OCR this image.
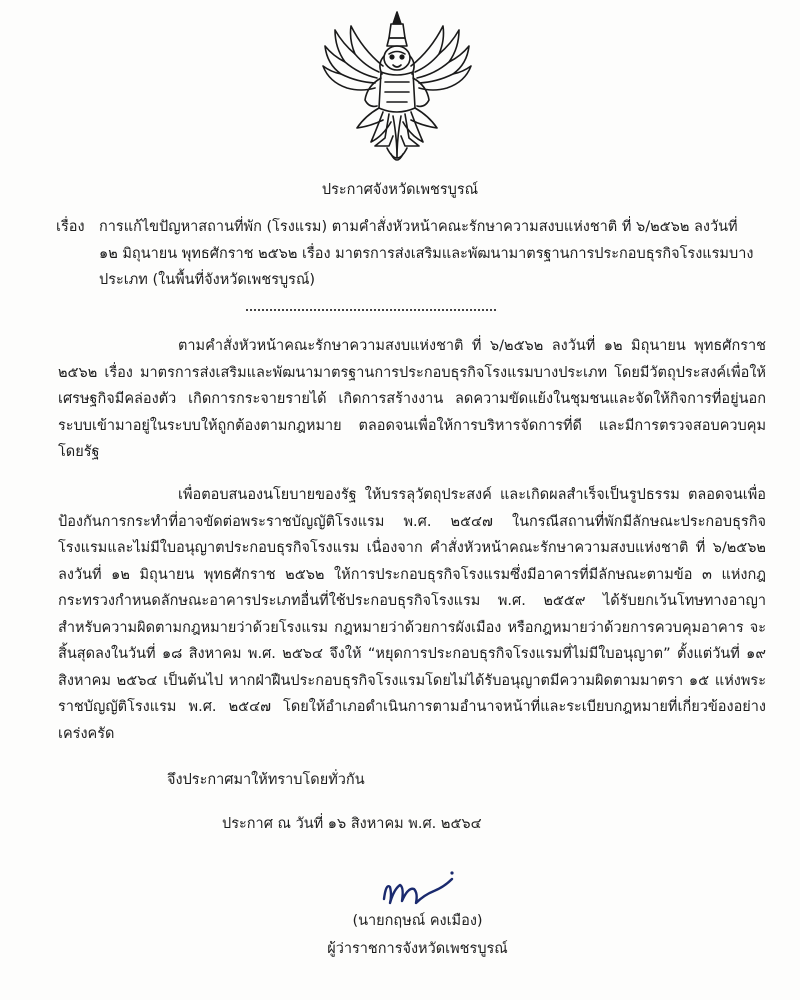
ประกาศจังหวัดเพชรบูรณ์
เรื่อง การแก้ไขปัญหาสถานที่พัก (โรงแรม) ตามคำสั่งหัวหน้าคณะรักษาความสงบแห่งชาติ ที่ ๖/๒๕๖๒ ลงวันที่ ๑๒ มิถุนายน พุทธศักราช ๒๕๖๒ เรื่อง มาตรการส่งเสริมและพัฒนามาตรฐานการประกอบธุรกิจโรงแรมบางประเภท (ในพื้นที่จังหวัดเพชรบูรณ์)
ตามคำสั่งหัวหน้าคณะรักษาความสงบแห่งชาติ ที่ ๖/๒๕๖๒ ลงวันที่ ๑๒ มิถุนายน พุทธศักราช ๒๕๖๒ เรื่อง มาตรการส่งเสริมและพัฒนามาตรฐานการประกอบธุรกิจโรงแรมบางประเภท โดยมีวัตถุประสงค์เพื่อให้เศรษฐกิจมีคล่องตัว เกิดการกระจายรายได้ เกิดการสร้างงาน ลดความขัดแย้งในชุมชนและจัดให้กิจการที่อยู่นอกระบบเข้ามาอยู่ในระบบให้ถูกต้องตามกฎหมาย ตลอดจนเพื่อให้การบริหารจัดการที่ดี และมีการตรวจสอบควบคุมโดยรัฐ
เพื่อตอบสนองนโยบายของรัฐ ให้บรรลุวัตถุประสงค์ และเกิดผลสำเร็จเป็นรูปธรรม ตลอดจนเพื่อป้องกันการกระทำที่อาจขัดต่อพระราชบัญญัติโรงแรม พ.ศ. ๒๕๔๗ ในกรณีสถานที่พักมีลักษณะประกอบธุรกิจโรงแรมและไม่มีใบอนุญาตประกอบธุรกิจโรงแรม เนื่องจาก คำสั่งหัวหน้าคณะรักษาความสงบแห่งชาติ ที่ ๖/๒๕๖๒ ลงวันที่ ๑๒ มิถุนายน พุทธศักราช ๒๕๖๒ ให้การประกอบธุรกิจโรงแรมซึ่งมีอาคารที่มีลักษณะตามข้อ ๓ แห่งกฎกระทรวงกำหนดลักษณะอาคารประเภทอื่นที่ใช้ประกอบธุรกิจโรงแรม พ.ศ. ๒๕๕๙ ได้รับยกเว้นโทษทางอาญาสำหรับความผิดตามกฎหมายว่าด้วยโรงแรม กฎหมายว่าด้วยการผังเมือง หรือกฎหมายว่าด้วยการควบคุมอาคาร จะสิ้นสุดลงในวันที่ ๑๘ สิงหาคม พ.ศ. ๒๕๖๔ จึงให้ “หยุดการประกอบธุรกิจโรงแรมที่ไม่มีใบอนุญาต” ตั้งแต่วันที่ ๑๙ สิงหาคม ๒๕๖๔ เป็นต้นไป หากฝ่าฝืนประกอบธุรกิจโรงแรมโดยไม่ได้รับอนุญาตมีความผิดตามมาตรา ๑๕ แห่งพระราชบัญญัติโรงแรม พ.ศ. ๒๕๔๗ โดยให้อำเภอดำเนินการตามอำนาจหน้าที่และระเบียบกฎหมายที่เกี่ยวข้องอย่างเคร่งครัด
จึงประกาศมาให้ทราบโดยทั่วกัน
ประกาศ ณ วันที่ ๑๖ สิงหาคม พ.ศ. ๒๕๖๔
(นายกฤษณ์ คงเมือง)
ผู้ว่าราชการจังหวัดเพชรบูรณ์
